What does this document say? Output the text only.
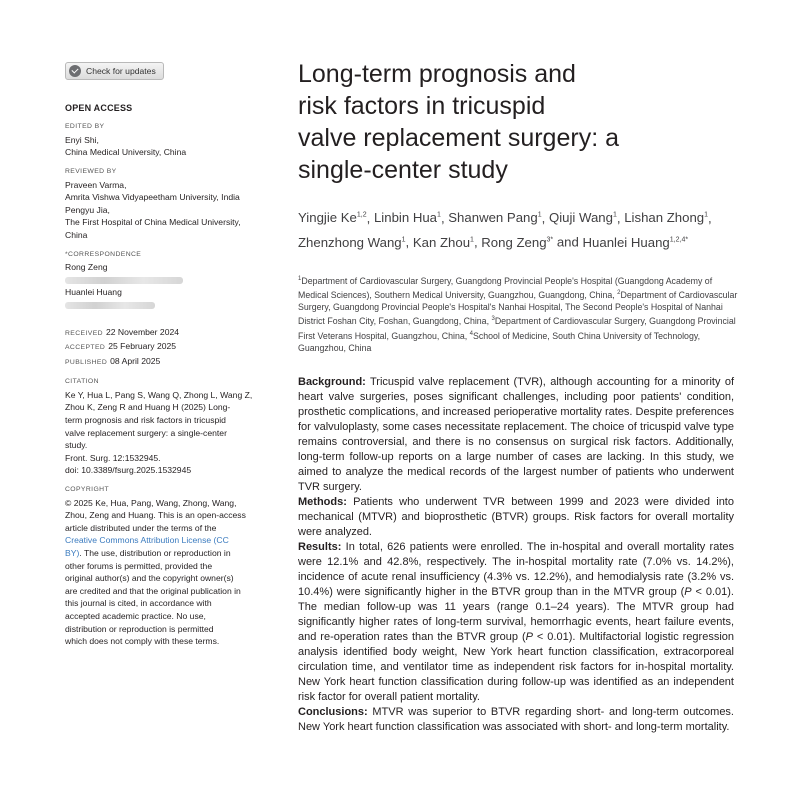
Check for updates
OPEN ACCESS
EDITED BY
Enyi Shi,
China Medical University, China
REVIEWED BY
Praveen Varma,
Amrita Vishwa Vidyapeetham University, India
Pengyu Jia,
The First Hospital of China Medical University,
China
*CORRESPONDENCE
Rong Zeng
Huanlei Huang
RECEIVED 22 November 2024
ACCEPTED 25 February 2025
PUBLISHED 08 April 2025
CITATION
Ke Y, Hua L, Pang S, Wang Q, Zhong L, Wang Z,
Zhou K, Zeng R and Huang H (2025) Long-
term prognosis and risk factors in tricuspid
valve replacement surgery: a single-center
study.
Front. Surg. 12:1532945.
doi: 10.3389/fsurg.2025.1532945
COPYRIGHT
© 2025 Ke, Hua, Pang, Wang, Zhong, Wang,
Zhou, Zeng and Huang. This is an open-access
article distributed under the terms of the
Creative Commons Attribution License (CC
BY). The use, distribution or reproduction in
other forums is permitted, provided the
original author(s) and the copyright owner(s)
are credited and that the original publication in
this journal is cited, in accordance with
accepted academic practice. No use,
distribution or reproduction is permitted
which does not comply with these terms.
Long-term prognosis and
risk factors in tricuspid
valve replacement surgery: a
single-center study
Yingjie Ke$^{1,2}$, Linbin Hua$^1$, Shanwen Pang$^1$, Qiuji Wang$^1$, Lishan Zhong$^1$, Zhenzhong Wang$^1$, Kan Zhou$^1$, Rong Zeng$^{3*}$ and Huanlei Huang$^{1,2,4*}$
$^1$Department of Cardiovascular Surgery, Guangdong Provincial People's Hospital (Guangdong Academy of Medical Sciences), Southern Medical University, Guangzhou, Guangdong, China, $^2$Department of Cardiovascular Surgery, Guangdong Provincial People's Hospital's Nanhai Hospital, The Second People's Hospital of Nanhai District Foshan City, Foshan, Guangdong, China, $^3$Department of Cardiovascular Surgery, Guangdong Provincial First Veterans Hospital, Guangzhou, China, $^4$School of Medicine, South China University of Technology, Guangzhou, China

Background: Tricuspid valve replacement (TVR), although accounting for a minority of heart valve surgeries, poses significant challenges, including poor patients' condition, prosthetic complications, and increased perioperative mortality rates. Despite preferences for valvuloplasty, some cases necessitate replacement. The choice of tricuspid valve type remains controversial, and there is no consensus on surgical risk factors. Additionally, long-term follow-up reports on a large number of cases are lacking. In this study, we aimed to analyze the medical records of the largest number of patients who underwent TVR surgery.

Methods: Patients who underwent TVR between 1999 and 2023 were divided into mechanical (MTVR) and bioprosthetic (BTVR) groups. Risk factors for overall mortality were analyzed.

Results: In total, 626 patients were enrolled. The in-hospital and overall mortality rates were 12.1% and 42.8%, respectively. The in-hospital mortality rate (7.0% vs. 14.2%), incidence of acute renal insufficiency (4.3% vs. 12.2%), and hemodialysis rate (3.2% vs. 10.4%) were significantly higher in the BTVR group than in the MTVR group (P < 0.01). The median follow-up was 11 years (range 0.1–24 years). The MTVR group had significantly higher rates of long-term survival, hemorrhagic events, heart failure events, and re-operation rates than the BTVR group (P < 0.01). Multifactorial logistic regression analysis identified body weight, New York heart function classification, extracorporeal circulation time, and ventilator time as independent risk factors for in-hospital mortality. New York heart function classification during follow-up was identified as an independent risk factor for overall patient mortality.

Conclusions: MTVR was superior to BTVR regarding short- and long-term outcomes. New York heart function classification was associated with short- and long-term mortality.
